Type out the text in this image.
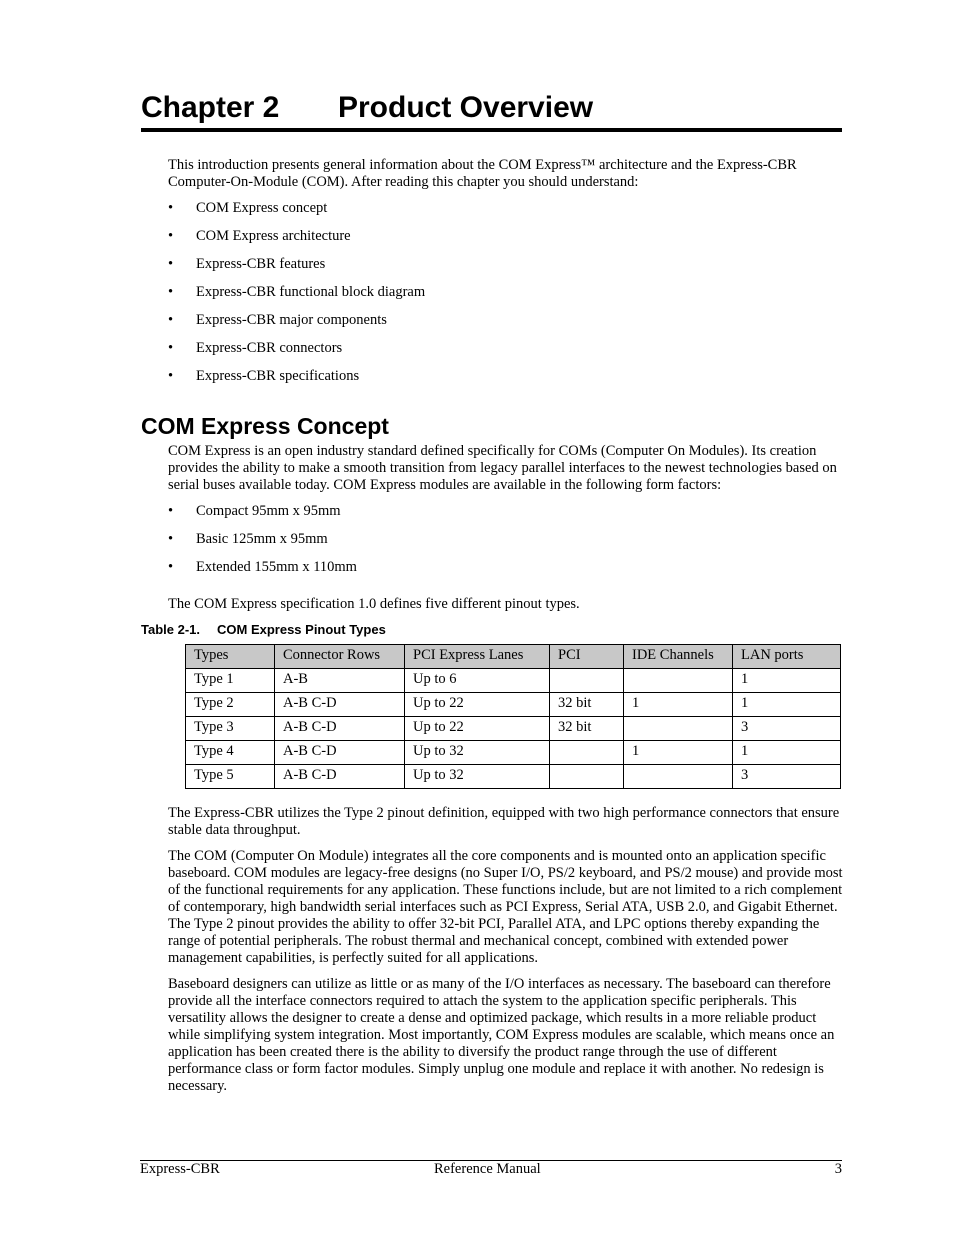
Chapter 2 Product Overview

This introduction presents general information about the COM Express™ architecture and the Express-CBR Computer-On-Module (COM). After reading this chapter you should understand:

• COM Express concept
• COM Express architecture
• Express-CBR features
• Express-CBR functional block diagram
• Express-CBR major components
• Express-CBR connectors
• Express-CBR specifications
COM Express Concept

COM Express is an open industry standard defined specifically for COMs (Computer On Modules). Its creation provides the ability to make a smooth transition from legacy parallel interfaces to the newest technologies based on serial buses available today. COM Express modules are available in the following form factors:

• Compact 95mm x 95mm
• Basic 125mm x 95mm
• Extended 155mm x 110mm

The COM Express specification 1.0 defines five different pinout types.

Table 2-1. COM Express Pinout Types
Types	Connector Rows	PCI Express Lanes	PCI	IDE Channels	LAN ports
Type 1	A-B	Up to 6			1
Type 2	A-B C-D	Up to 22	32 bit	1	1
Type 3	A-B C-D	Up to 22	32 bit		3
Type 4	A-B C-D	Up to 32		1	1
Type 5	A-B C-D	Up to 32			3

The Express-CBR utilizes the Type 2 pinout definition, equipped with two high performance connectors that ensure stable data throughput.

The COM (Computer On Module) integrates all the core components and is mounted onto an application specific baseboard. COM modules are legacy-free designs (no Super I/O, PS/2 keyboard, and PS/2 mouse) and provide most of the functional requirements for any application. These functions include, but are not limited to a rich complement of contemporary, high bandwidth serial interfaces such as PCI Express, Serial ATA, USB 2.0, and Gigabit Ethernet. The Type 2 pinout provides the ability to offer 32-bit PCI, Parallel ATA, and LPC options thereby expanding the range of potential peripherals. The robust thermal and mechanical concept, combined with extended power management capabilities, is perfectly suited for all applications.

Baseboard designers can utilize as little or as many of the I/O interfaces as necessary. The baseboard can therefore provide all the interface connectors required to attach the system to the application specific peripherals. This versatility allows the designer to create a dense and optimized package, which results in a more reliable product while simplifying system integration. Most importantly, COM Express modules are scalable, which means once an application has been created there is the ability to diversify the product range through the use of different performance class or form factor modules. Simply unplug one module and replace it with another. No redesign is necessary.

Express-CBR	Reference Manual	3
